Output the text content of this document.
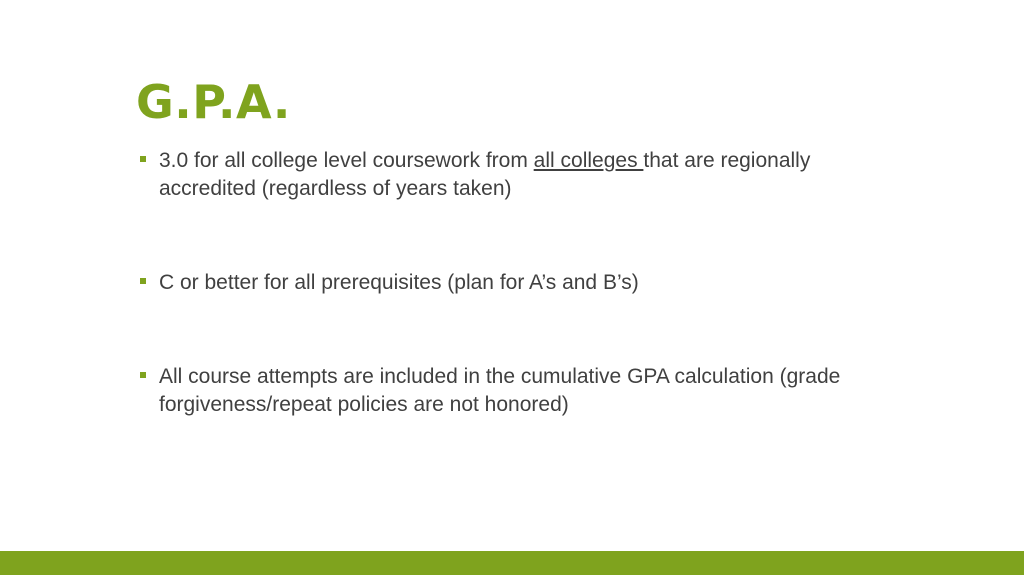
G.P.A.
3.0 for all college level coursework from all colleges that are regionally accredited (regardless of years taken)
C or better for all prerequisites (plan for A’s and B’s)
All course attempts are included in the cumulative GPA calculation (grade forgiveness/repeat policies are not honored)
